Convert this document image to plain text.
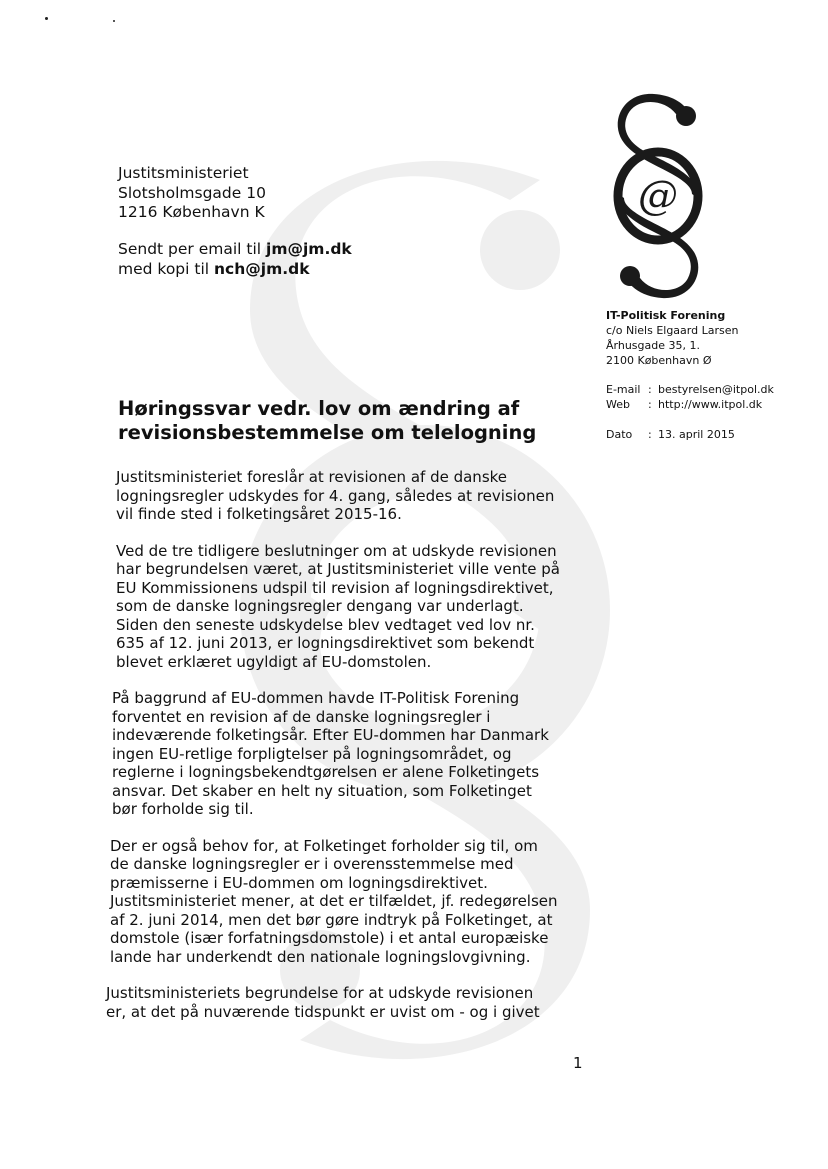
Justitsministeriet
Slotsholmsgade 10
1216 København K
Sendt per email til jm@jm.dk
med kopi til nch@jm.dk
@
IT-Politisk Forening
c/o Niels Elgaard Larsen
Århusgade 35, 1.
2100 København Ø
E-mail : bestyrelsen@itpol.dk
Web	: http://www.itpol.dk
Dato	: 13. april 2015
Høringssvar vedr. lov om ændring af
revisionsbestemmelse om telelogning
Justitsministeriet foreslår at revisionen af de danske
logningsregler udskydes for 4. gang, således at revisionen
vil finde sted i folketingsåret 2015-16.
Ved de tre tidligere beslutninger om at udskyde revisionen
har begrundelsen været, at Justitsministeriet ville vente på
EU Kommissionens udspil til revision af logningsdirektivet,
som de danske logningsregler dengang var underlagt.
Siden den seneste udskydelse blev vedtaget ved lov nr.
635 af 12. juni 2013, er logningsdirektivet som bekendt
blevet erklæret ugyldigt af EU-domstolen.
På baggrund af EU-dommen havde IT-Politisk Forening
forventet en revision af de danske logningsregler i
indeværende folketingsår. Efter EU-dommen har Danmark
ingen EU-retlige forpligtelser på logningsområdet, og
reglerne i logningsbekendtgørelsen er alene Folketingets
ansvar. Det skaber en helt ny situation, som Folketinget
bør forholde sig til.
Der er også behov for, at Folketinget forholder sig til, om
de danske logningsregler er i overensstemmelse med
præmisserne i EU-dommen om logningsdirektivet.
Justitsministeriet mener, at det er tilfældet, jf. redegørelsen
af 2. juni 2014, men det bør gøre indtryk på Folketinget, at
domstole (især forfatningsdomstole) i et antal europæiske
lande har underkendt den nationale logningslovgivning.
Justitsministeriets begrundelse for at udskyde revisionen
er, at det på nuværende tidspunkt er uvist om - og i givet
1
